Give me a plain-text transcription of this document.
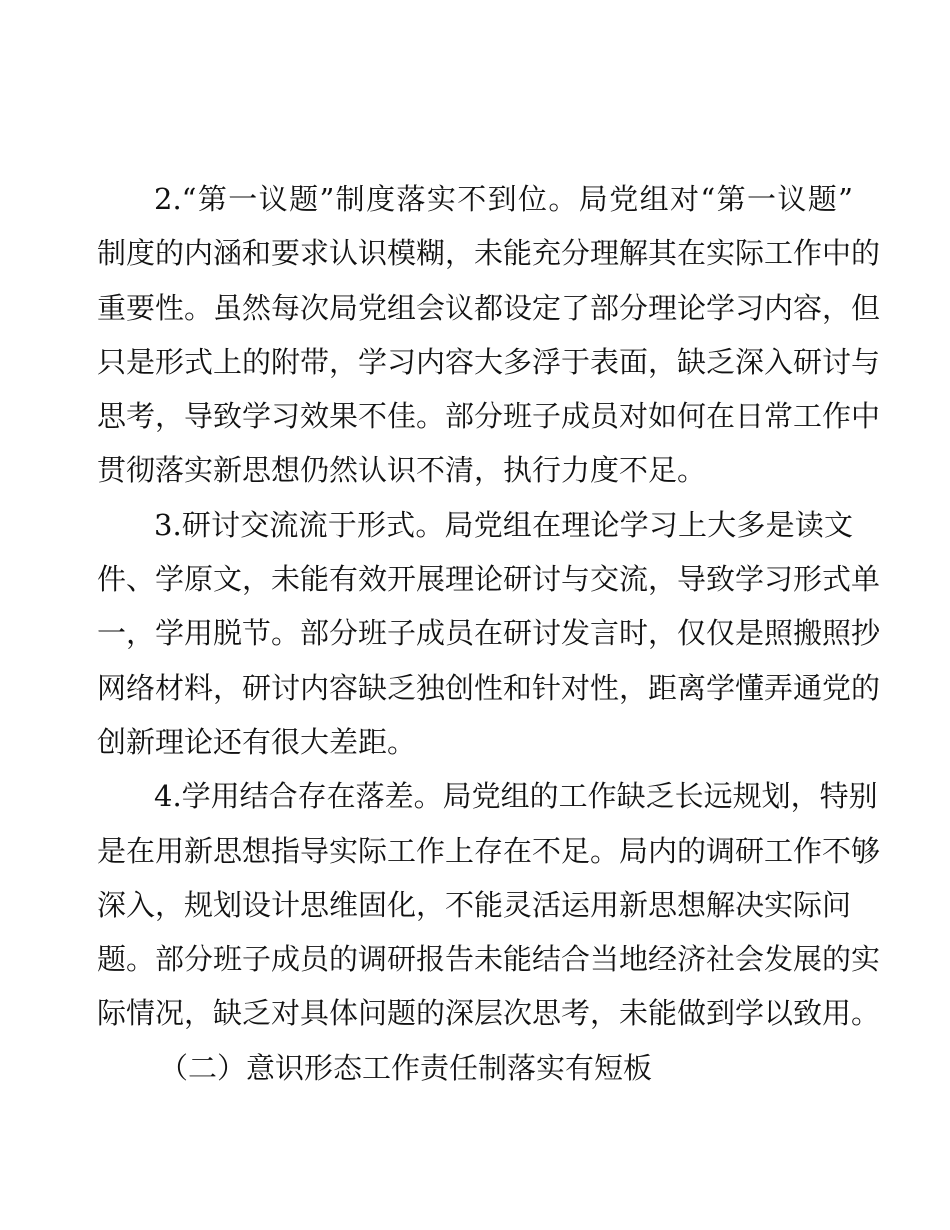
2.“第一议题”制度落实不到位。局党组对“第一议题”
制度的内涵和要求认识模糊，未能充分理解其在实际工作中的
重要性。虽然每次局党组会议都设定了部分理论学习内容，但
只是形式上的附带，学习内容大多浮于表面，缺乏深入研讨与
思考，导致学习效果不佳。部分班子成员对如何在日常工作中
贯彻落实新思想仍然认识不清，执行力度不足。
3.研讨交流流于形式。局党组在理论学习上大多是读文
件、学原文，未能有效开展理论研讨与交流，导致学习形式单
一，学用脱节。部分班子成员在研讨发言时，仅仅是照搬照抄
网络材料，研讨内容缺乏独创性和针对性，距离学懂弄通党的
创新理论还有很大差距。
4.学用结合存在落差。局党组的工作缺乏长远规划，特别
是在用新思想指导实际工作上存在不足。局内的调研工作不够
深入，规划设计思维固化，不能灵活运用新思想解决实际问
题。部分班子成员的调研报告未能结合当地经济社会发展的实
际情况，缺乏对具体问题的深层次思考，未能做到学以致用。
（二）意识形态工作责任制落实有短板
